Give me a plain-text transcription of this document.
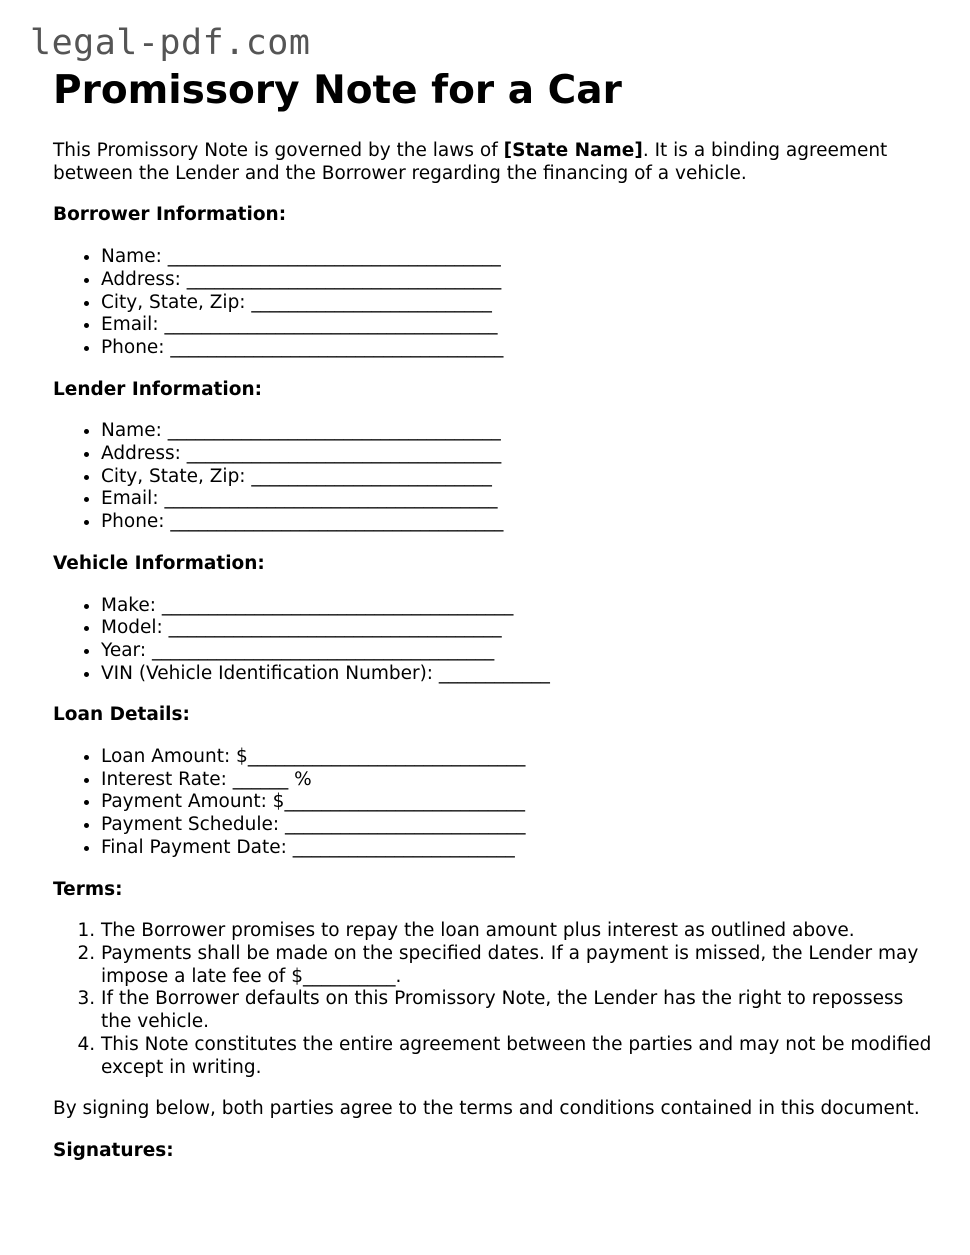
legal-pdf.com
Promissory Note for a Car

This Promissory Note is governed by the laws of [State Name]. It is a binding agreement between the Lender and the Borrower regarding the financing of a vehicle.

Borrower Information:
• Name: ____________________________________
• Address: __________________________________
• City, State, Zip: __________________________
• Email: ____________________________________
• Phone: ____________________________________
Lender Information:
• Name: ____________________________________
• Address: __________________________________
• City, State, Zip: __________________________
• Email: ____________________________________
• Phone: ____________________________________
Vehicle Information:
• Make: ______________________________________
• Model: ____________________________________
• Year: _____________________________________
• VIN (Vehicle Identification Number): ____________
Loan Details:
• Loan Amount: $______________________________
• Interest Rate: ______ %
• Payment Amount: $__________________________
• Payment Schedule: __________________________
• Final Payment Date: ________________________
Terms:
1. The Borrower promises to repay the loan amount plus interest as outlined above.
2. Payments shall be made on the specified dates. If a payment is missed, the Lender may impose a late fee of $__________.
3. If the Borrower defaults on this Promissory Note, the Lender has the right to repossess the vehicle.
4. This Note constitutes the entire agreement between the parties and may not be modified except in writing.

By signing below, both parties agree to the terms and conditions contained in this document.

Signatures:
